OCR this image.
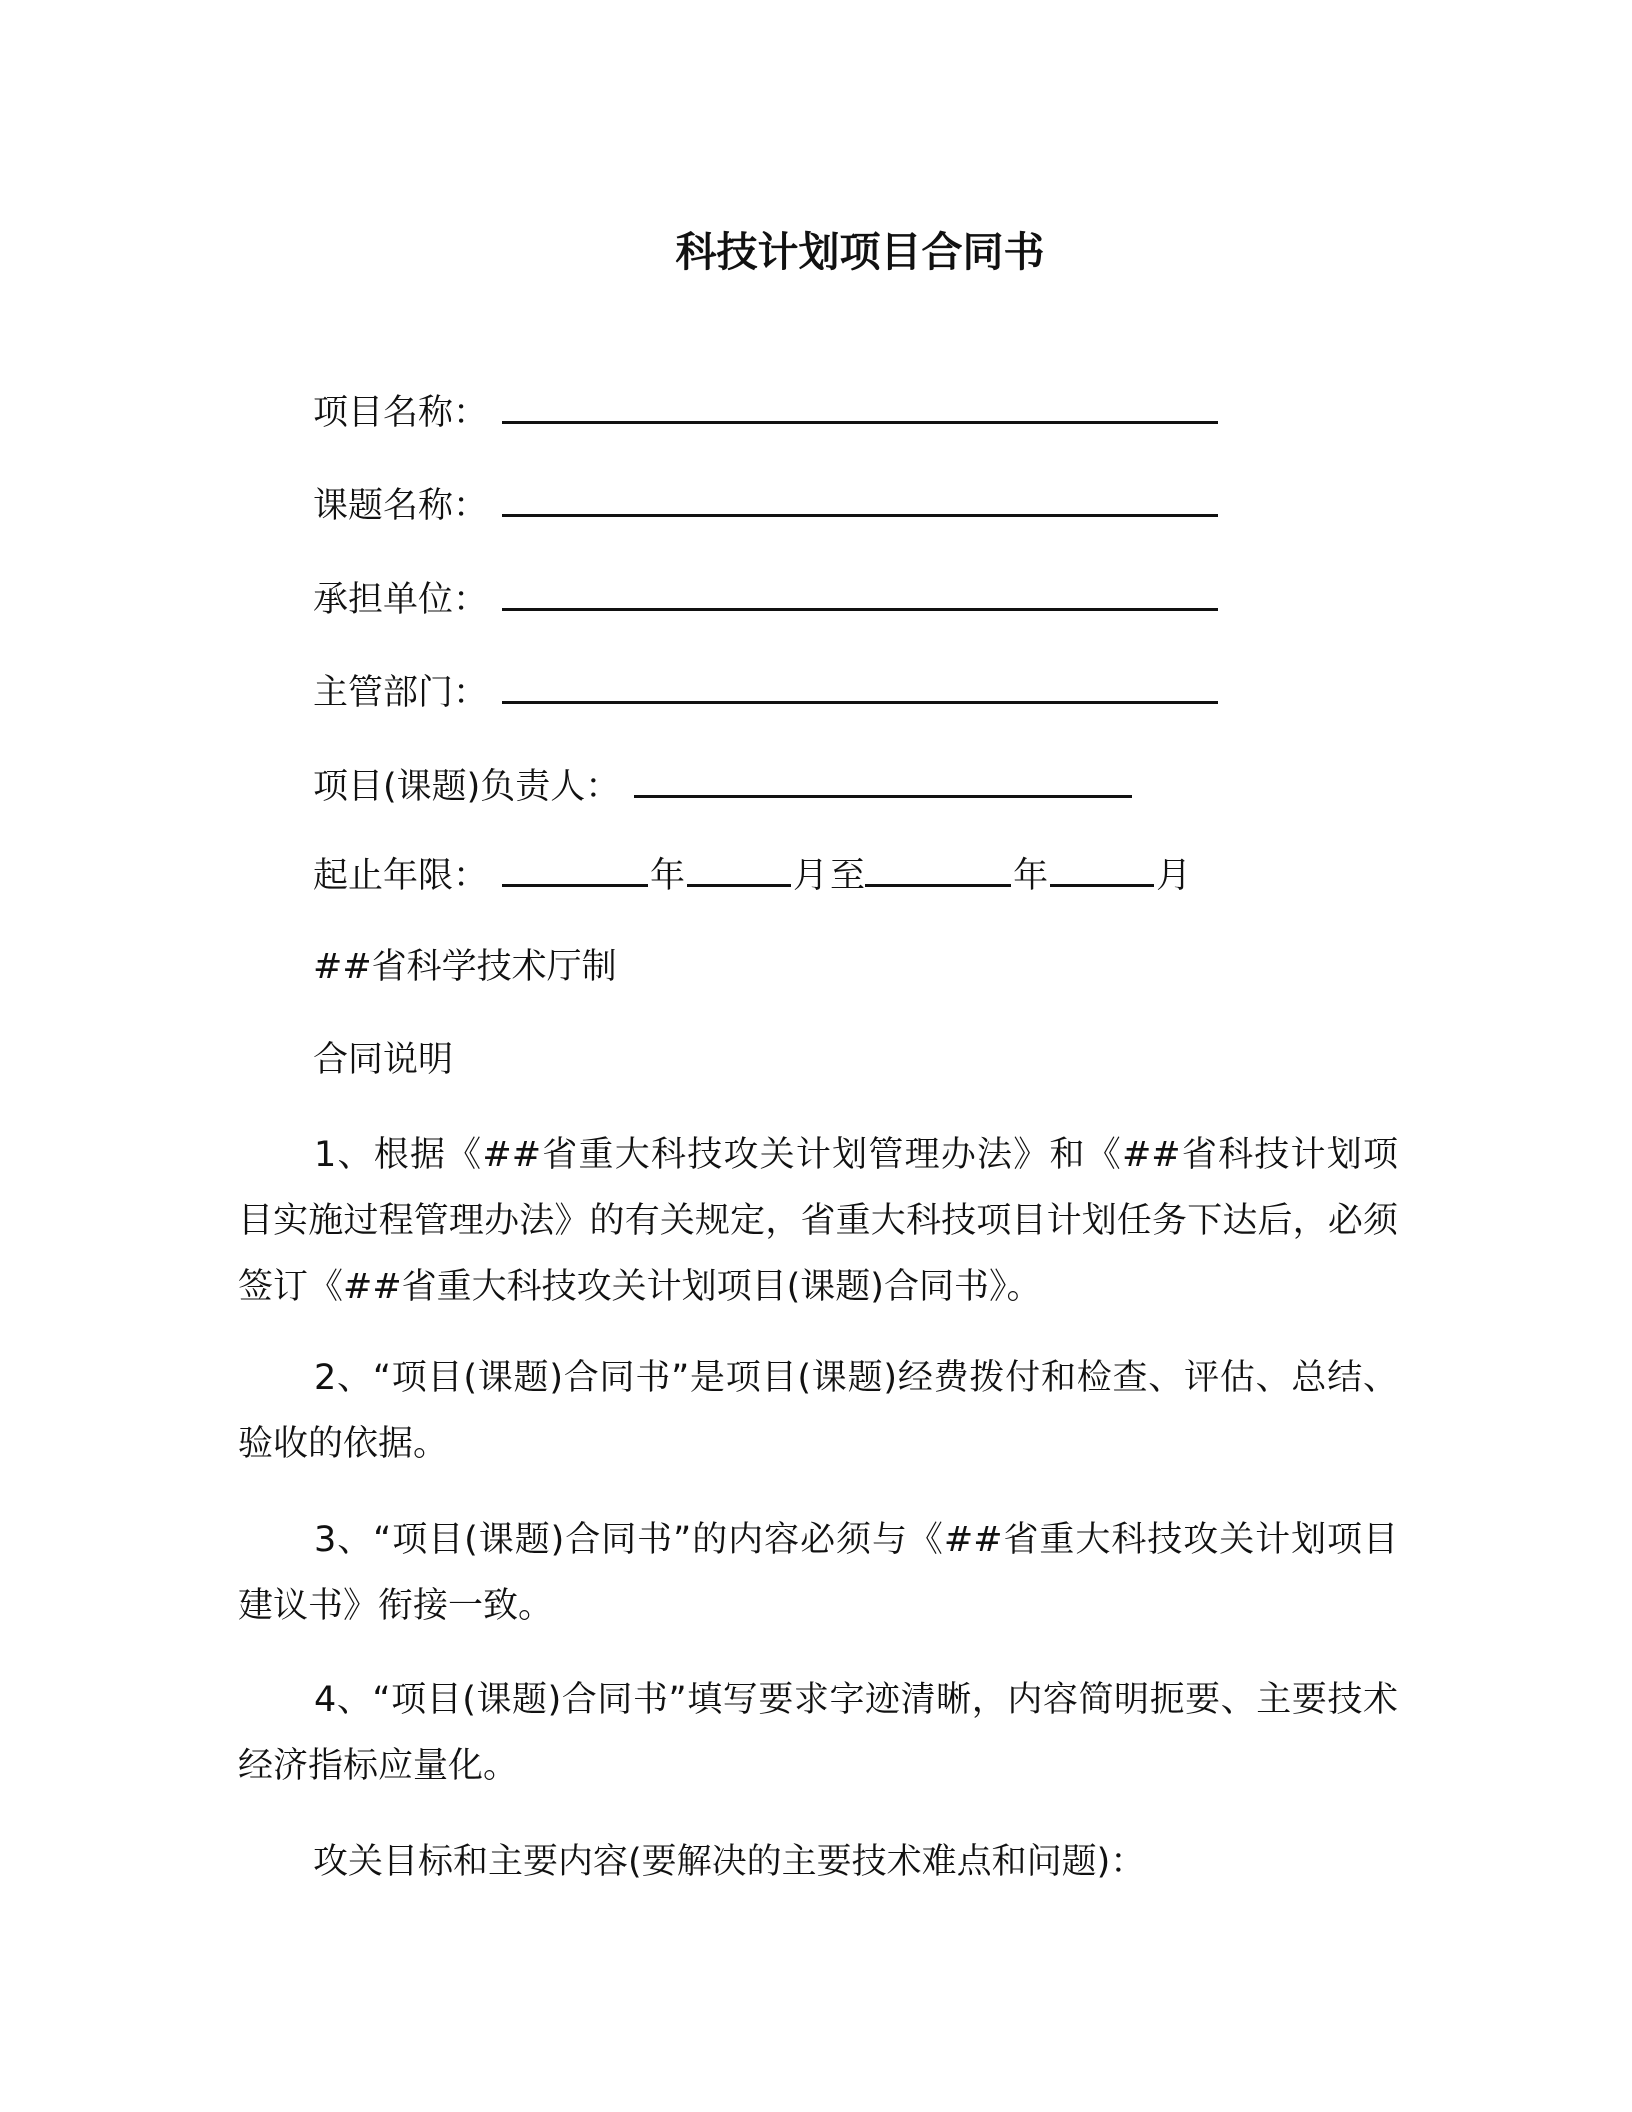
科技计划项目合同书
项目名称：
课题名称：
承担单位：
主管部门：
项目(课题)负责人：
起止年限：	年	月至	年	月
##省科学技术厅制
合同说明
1、根据《##省重大科技攻关计划管理办法》和《##省科技计划项目实施过程管理办法》的有关规定，省重大科技项目计划任务下达后，必须签订《##省重大科技攻关计划项目(课题)合同书》。
2、“项目(课题)合同书”是项目(课题)经费拨付和检查、评估、总结、验收的依据。
3、“项目(课题)合同书”的内容必须与《##省重大科技攻关计划项目建议书》衔接一致。
4、“项目(课题)合同书”填写要求字迹清晰，内容简明扼要、主要技术经济指标应量化。
攻关目标和主要内容(要解决的主要技术难点和问题)：
